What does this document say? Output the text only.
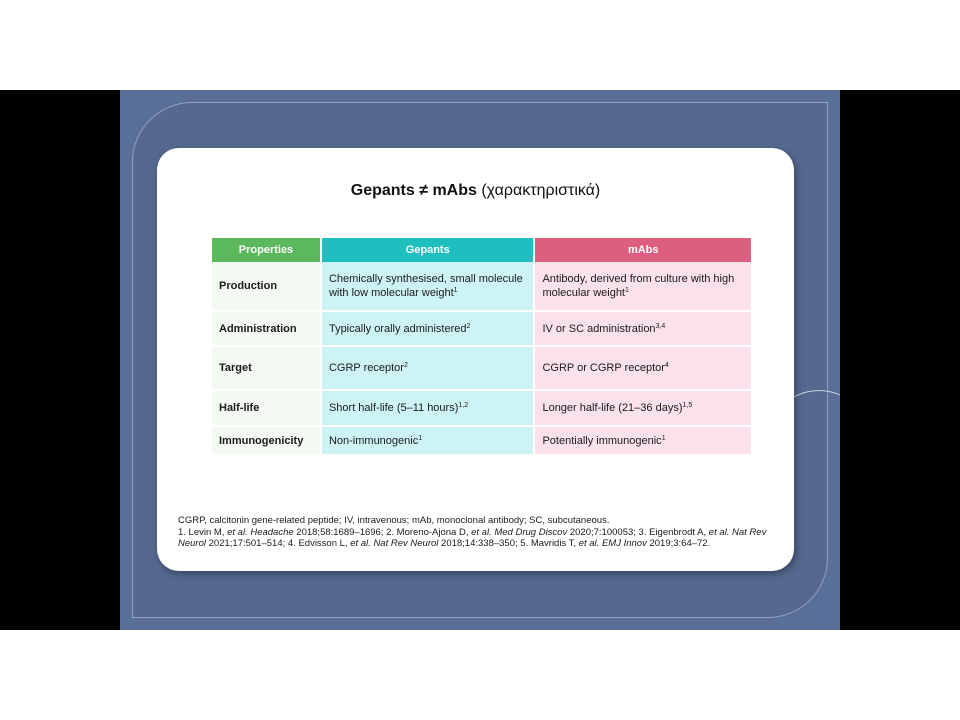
Gepants ≠ mAbs (χαρακτηριστικά)
Properties	Gepants	mAbs
Production	Chemically synthesised, small molecule with low molecular weight$^1$	Antibody, derived from culture with high molecular weight$^1$
Administration	Typically orally administered$^2$	IV or SC administration$^{3,4}$
Target	CGRP receptor$^2$	CGRP or CGRP receptor$^4$
Half-life	Short half-life (5–11 hours)$^{1,2}$	Longer half-life (21–36 days)$^{1,5}$
Immunogenicity	Non-immunogenic$^1$	Potentially immunogenic$^1$
CGRP, calcitonin gene-related peptide; IV, intravenous; mAb, monoclonal antibody; SC, subcutaneous.
1. Levin M, et al. Headache 2018;58:1689–1696; 2. Moreno-Ajona D, et al. Med Drug Discov 2020;7:100053; 3. Eigenbrodt A, et al. Nat Rev Neurol 2021;17:501–514; 4. Edvisson L, et al. Nat Rev Neurol 2018;14:338–350; 5. Mavridis T, et al. EMJ Innov 2019;3:64–72.
